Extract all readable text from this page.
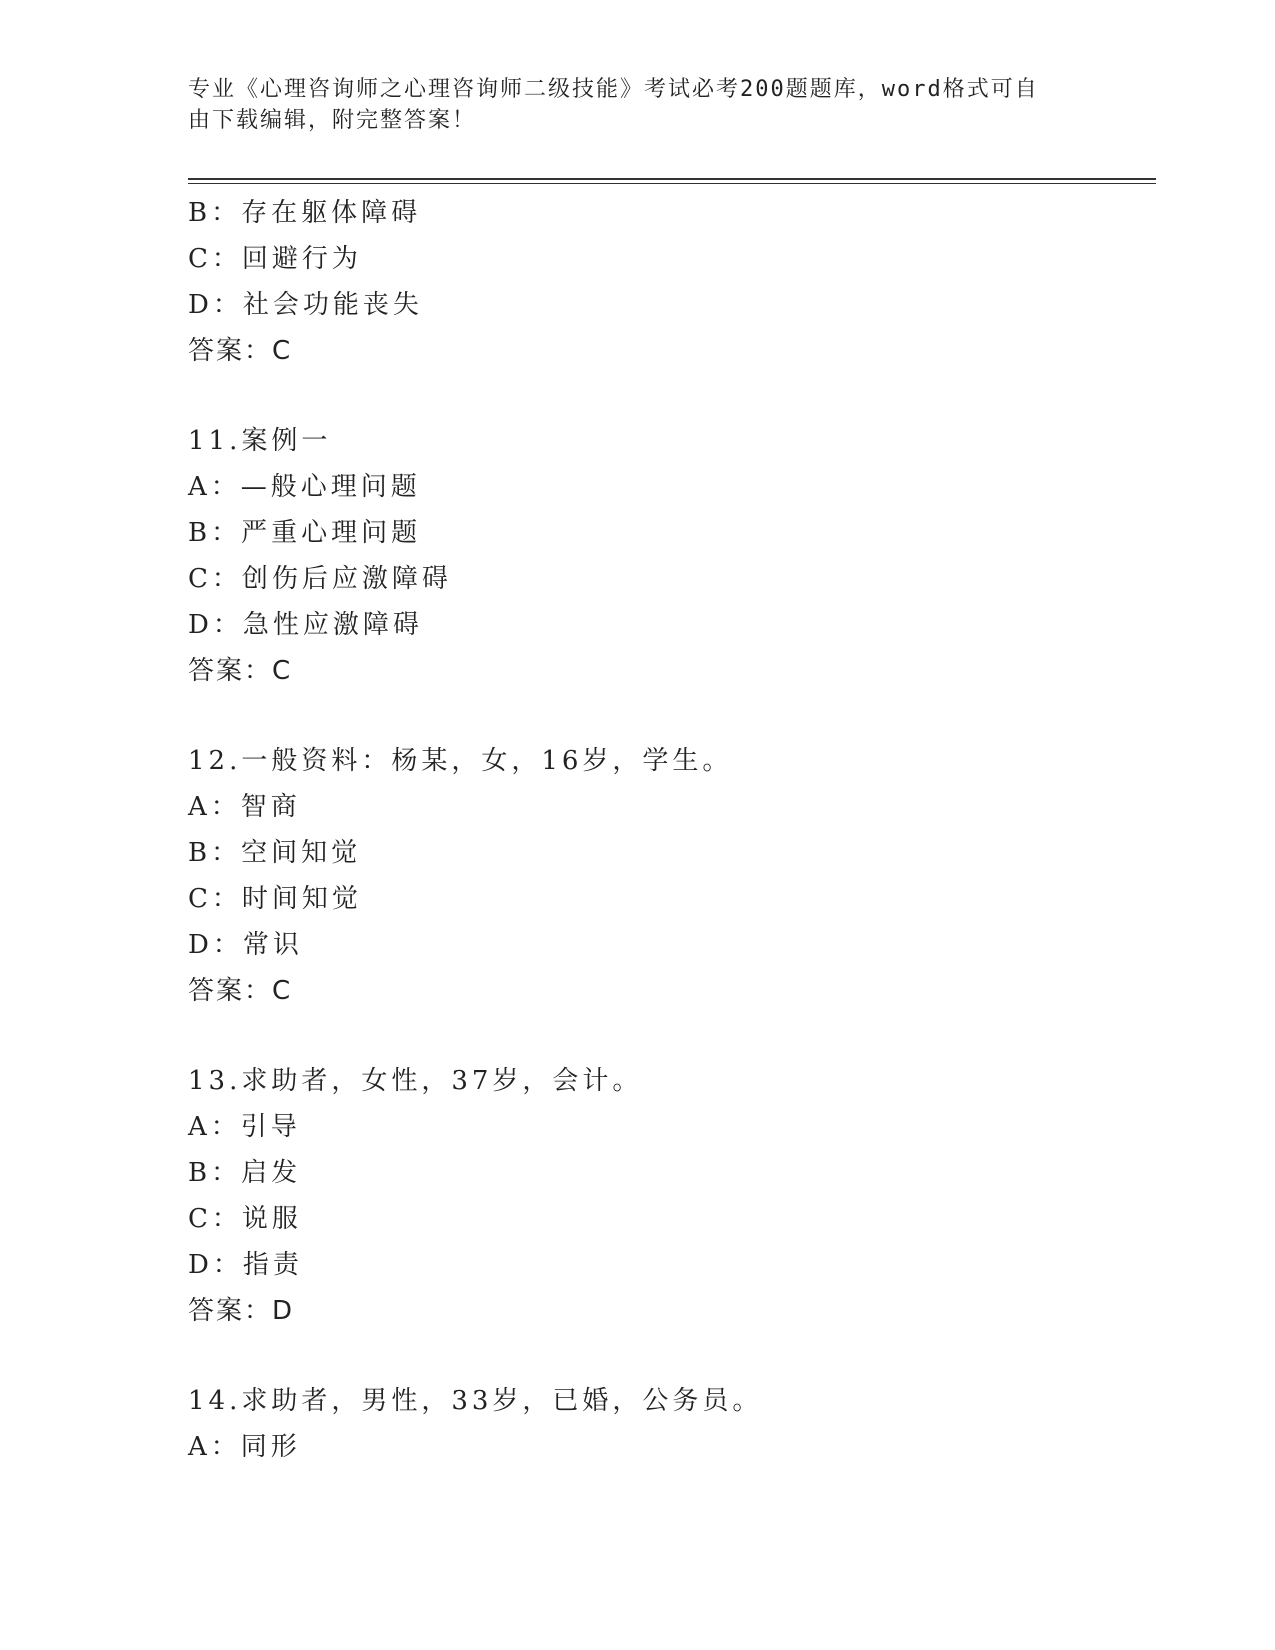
专业《心理咨询师之心理咨询师二级技能》考试必考200题题库，word格式可自
由下载编辑，附完整答案！
B：存在躯体障碍
C：回避行为
D：社会功能丧失
答案：C
11.案例一
A：—般心理问题
B：严重心理问题
C：创伤后应激障碍
D：急性应激障碍
答案：C
12.一般资料：杨某，女，16岁，学生。
A：智商
B：空间知觉
C：时间知觉
D：常识
答案：C
13.求助者，女性，37岁，会计。
A：引导
B：启发
C：说服
D：指责
答案：D
14.求助者，男性，33岁，已婚，公务员。
A：同形
